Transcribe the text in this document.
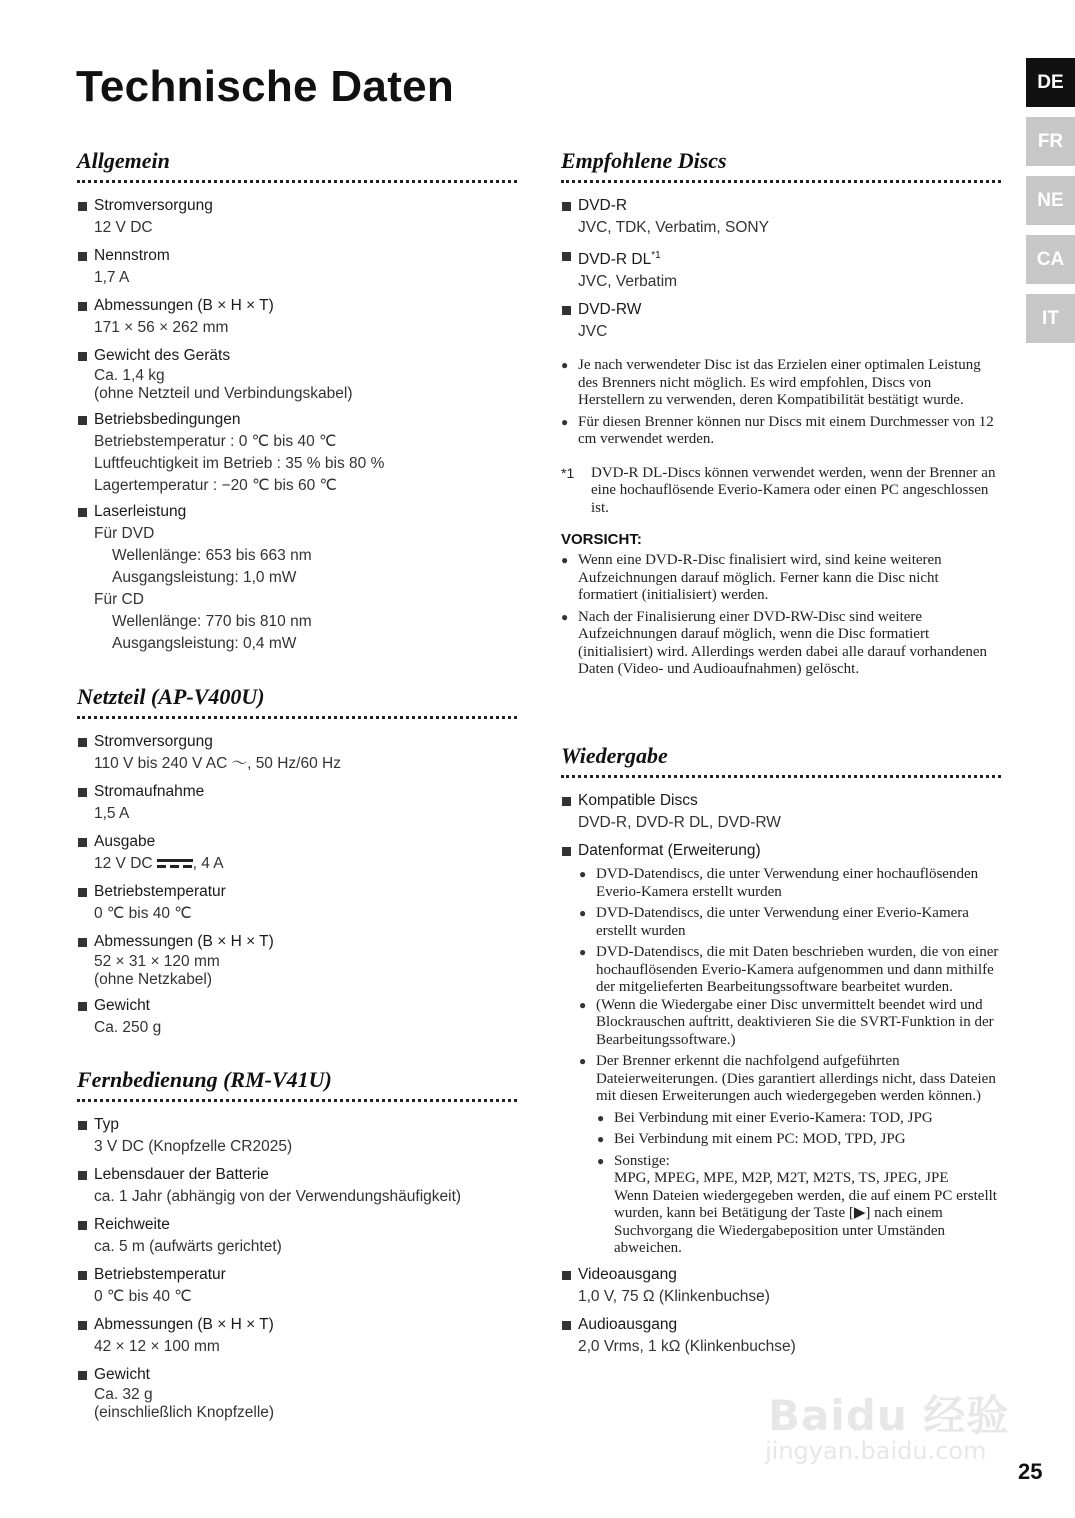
Technische Daten	DE
FR
NE
CA
IT
Allgemein

Stromversorgung

12 V DC

Nennstrom

1,7 A

Abmessungen (B × H × T)

171 × 56 × 262 mm

Gewicht des Geräts

Ca. 1,4 kg
(ohne Netzteil und Verbindungskabel)

Betriebsbedingungen

Betriebstemperatur : 0 ℃ bis 40 ℃

Luftfeuchtigkeit im Betrieb : 35 % bis 80 %

Lagertemperatur : −20 ℃ bis 60 ℃

Laserleistung

Für DVD

Wellenlänge: 653 bis 663 nm

Ausgangsleistung: 1,0 mW

Für CD

Wellenlänge: 770 bis 810 nm

Ausgangsleistung: 0,4 mW

Netzteil (AP-V400U)

Stromversorgung

110 V bis 240 V AC ～, 50 Hz/60 Hz

Stromaufnahme

1,5 A

Ausgabe

12 V DC	, 4 A

Betriebstemperatur

0 ℃ bis 40 ℃

Abmessungen (B × H × T)

52 × 31 × 120 mm
(ohne Netzkabel)

Gewicht

Ca. 250 g

Fernbedienung (RM-V41U)

Typ

3 V DC (Knopfzelle CR2025)

Lebensdauer der Batterie

ca. 1 Jahr (abhängig von der Verwendungshäufigkeit)

Reichweite

ca. 5 m (aufwärts gerichtet)

Betriebstemperatur

0 ℃ bis 40 ℃

Abmessungen (B × H × T)

42 × 12 × 100 mm

Gewicht

Ca. 32 g
(einschließlich Knopfzelle)
Empfohlene Discs

DVD-R

JVC, TDK, Verbatim, SONY

DVD-R DL$^{*1}$

JVC, Verbatim

DVD-RW

JVC

● Je nach verwendeter Disc ist das Erzielen einer optimalen Leistung des Brenners nicht möglich. Es wird empfohlen, Discs von Herstellern zu verwenden, deren Kompatibilität bestätigt wurde.

● Für diesen Brenner können nur Discs mit einem Durchmesser von 12 cm verwendet werden.

*1 DVD-R DL-Discs können verwendet werden, wenn der Brenner an eine hochauflösende Everio-Kamera oder einen PC angeschlossen ist.

VORSICHT:

● Wenn eine DVD-R-Disc finalisiert wird, sind keine weiteren Aufzeichnungen darauf möglich. Ferner kann die Disc nicht formatiert (initialisiert) werden.

● Nach der Finalisierung einer DVD-RW-Disc sind weitere Aufzeichnungen darauf möglich, wenn die Disc formatiert (initialisiert) wird. Allerdings werden dabei alle darauf vorhandenen Daten (Video- und Audioaufnahmen) gelöscht.

Wiedergabe

Kompatible Discs

DVD-R, DVD-R DL, DVD-RW

Datenformat (Erweiterung)

● DVD-Datendiscs, die unter Verwendung einer hochauflösenden Everio-Kamera erstellt wurden

● DVD-Datendiscs, die unter Verwendung einer Everio-Kamera erstellt wurden

● DVD-Datendiscs, die mit Daten beschrieben wurden, die von einer hochauflösenden Everio-Kamera aufgenommen und dann mithilfe der mitgelieferten Bearbeitungssoftware bearbeitet wurden.

● (Wenn die Wiedergabe einer Disc unvermittelt beendet wird und Blockrauschen auftritt, deaktivieren Sie die SVRT-Funktion in der Bearbeitungssoftware.)

● Der Brenner erkennt die nachfolgend aufgeführten Dateierweiterungen. (Dies garantiert allerdings nicht, dass Dateien mit diesen Erweiterungen auch wiedergegeben werden können.)

● Bei Verbindung mit einer Everio-Kamera: TOD, JPG

● Bei Verbindung mit einem PC: MOD, TPD, JPG

● Sonstige:

MPG, MPEG, MPE, M2P, M2T, M2TS, TS, JPEG, JPE
Wenn Dateien wiedergegeben werden, die auf einem PC erstellt wurden, kann bei Betätigung der Taste [▶] nach einem Suchvorgang die Wiedergabeposition unter Umständen abweichen.

Videoausgang

1,0 V, 75 Ω (Klinkenbuchse)

Audioausgang

2,0 Vrms, 1 kΩ (Klinkenbuchse)

Baidu 经验
jingyan.baidu.com
25
